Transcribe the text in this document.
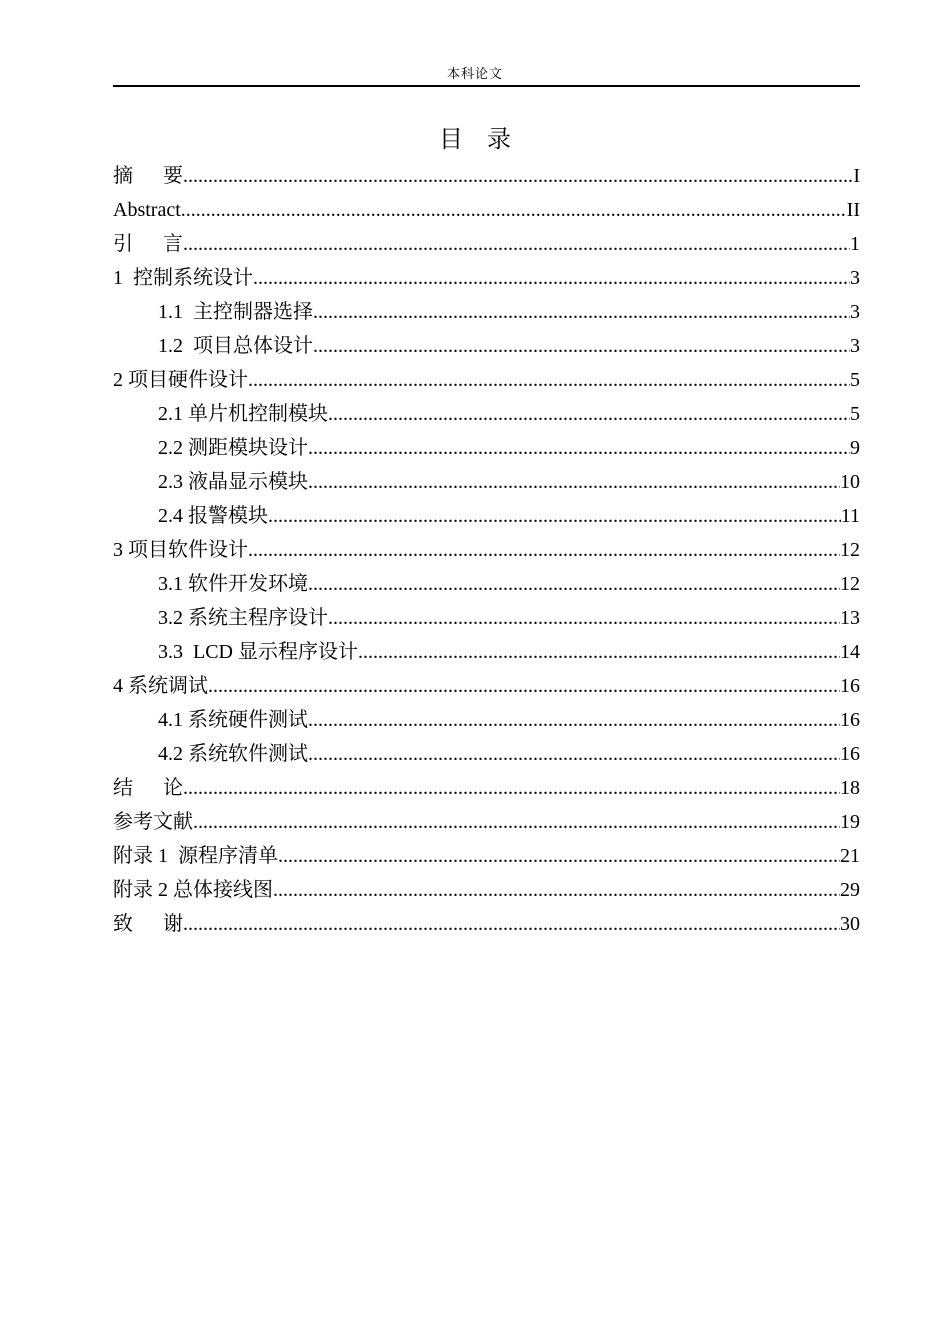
本科论文
目    录
摘      要 .....	I
Abstract .....	II
引      言 .....	1
1  控制系统设计 .....	3
1.1  主控制器选择 .....	3
1.2  项目总体设计 .....	3
2 项目硬件设计 .....	5
2.1 单片机控制模块 .....	5
2.2 测距模块设计 .....	9
2.3 液晶显示模块 .....	10
2.4 报警模块 .....	11
3 项目软件设计 .....	12
3.1 软件开发环境 .....	12
3.2 系统主程序设计 .....	13
3.3  LCD 显示程序设计 .....	14
4 系统调试 .....	16
4.1 系统硬件测试 .....	16
4.2 系统软件测试 .....	16
结      论 .....	18
参考文献 .....	19
附录 1  源程序清单 .....	21
附录 2 总体接线图 .....	29
致      谢 .....	30
